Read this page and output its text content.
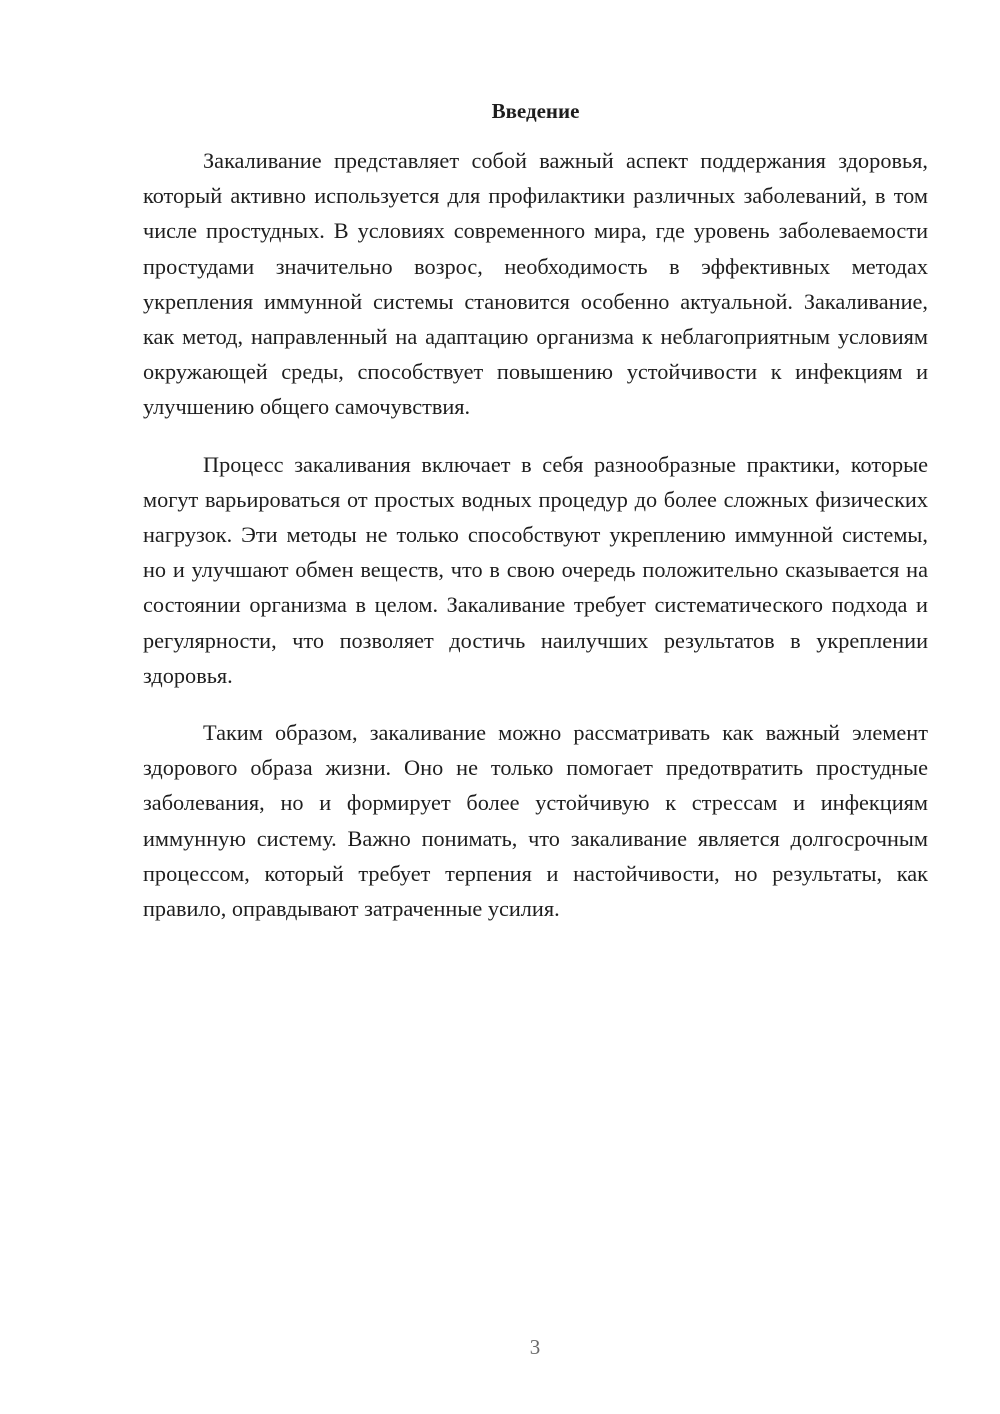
Введение

Закаливание представляет собой важный аспект поддержания здоровья, который активно используется для профилактики различных заболеваний, в том числе простудных. В условиях современного мира, где уровень заболеваемости простудами значительно возрос, необходимость в эффективных методах укрепления иммунной системы становится особенно актуальной. Закаливание, как метод, направленный на адаптацию организма к неблагоприятным условиям окружающей среды, способствует повышению устойчивости к инфекциям и улучшению общего самочувствия.

Процесс закаливания включает в себя разнообразные практики, которые могут варьироваться от простых водных процедур до более сложных физических нагрузок. Эти методы не только способствуют укреплению иммунной системы, но и улучшают обмен веществ, что в свою очередь положительно сказывается на состоянии организма в целом. Закаливание требует систематического подхода и регулярности, что позволяет достичь наилучших результатов в укреплении здоровья.

Таким образом, закаливание можно рассматривать как важный элемент здорового образа жизни. Оно не только помогает предотвратить простудные заболевания, но и формирует более устойчивую к стрессам и инфекциям иммунную систему. Важно понимать, что закаливание является долгосрочным процессом, который требует терпения и настойчивости, но результаты, как правило, оправдывают затраченные усилия.

3
